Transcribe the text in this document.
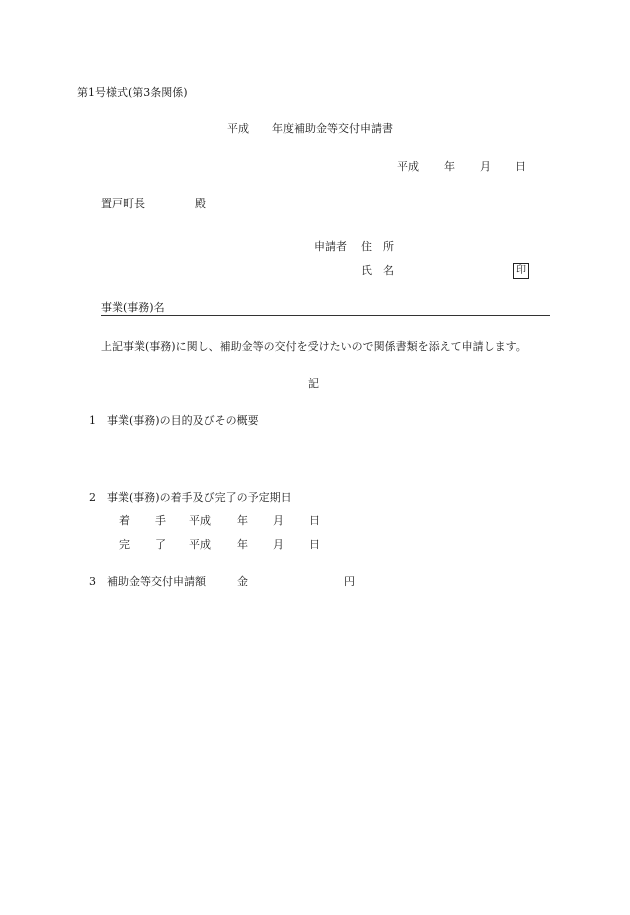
第1号様式(第3条関係)
平成 年度補助金等交付申請書
平成 年 月 日
置戸町長	殿
申請者 住　所
氏　名	印
事業(事務)名
上記事業(事務)に関し、補助金等の交付を受けたいので関係書類を添えて申請します。
記
1 事業(事務)の目的及びその概要
2 事業(事務)の着手及び完了の予定期日
着 手 平成 年 月 日
完 了 平成 年 月 日
3 補助金等交付申請額	金	円
